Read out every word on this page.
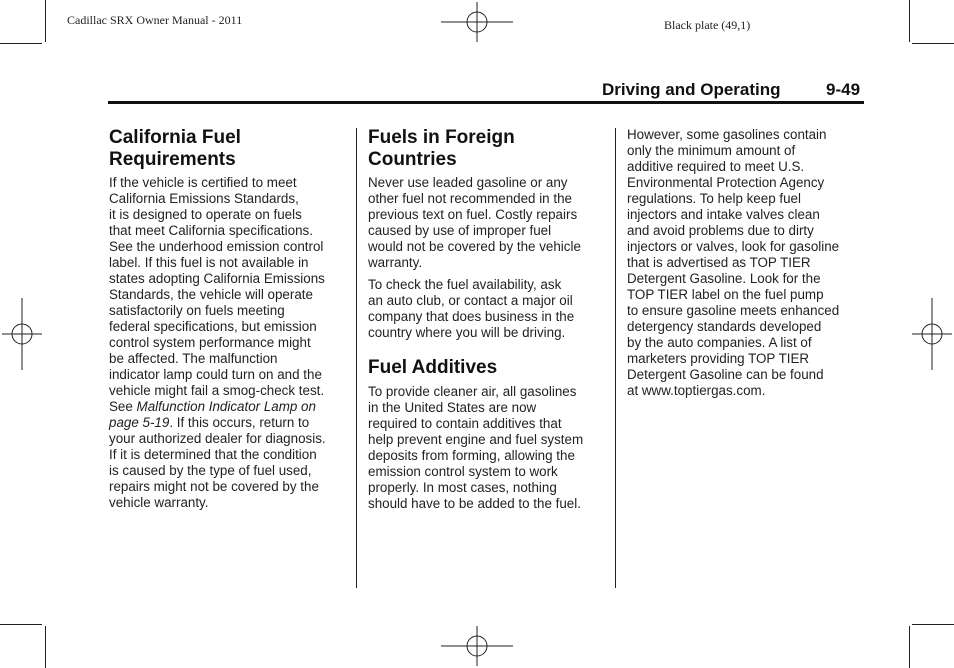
Cadillac SRX Owner Manual - 2011	Black plate (49,1)
Driving and Operating	9-49
California Fuel
Requirements

If the vehicle is certified to meet
California Emissions Standards,
it is designed to operate on fuels
that meet California specifications.
See the underhood emission control
label. If this fuel is not available in
states adopting California Emissions
Standards, the vehicle will operate
satisfactorily on fuels meeting
federal specifications, but emission
control system performance might
be affected. The malfunction
indicator lamp could turn on and the
vehicle might fail a smog-check test.
See Malfunction Indicator Lamp on
page 5-19. If this occurs, return to
your authorized dealer for diagnosis.
If it is determined that the condition
is caused by the type of fuel used,
repairs might not be covered by the
vehicle warranty.

Fuels in Foreign
Countries

Never use leaded gasoline or any
other fuel not recommended in the
previous text on fuel. Costly repairs
caused by use of improper fuel
would not be covered by the vehicle
warranty.

To check the fuel availability, ask
an auto club, or contact a major oil
company that does business in the
country where you will be driving.

Fuel Additives

To provide cleaner air, all gasolines
in the United States are now
required to contain additives that
help prevent engine and fuel system
deposits from forming, allowing the
emission control system to work
properly. In most cases, nothing
should have to be added to the fuel.

However, some gasolines contain
only the minimum amount of
additive required to meet U.S.
Environmental Protection Agency
regulations. To help keep fuel
injectors and intake valves clean
and avoid problems due to dirty
injectors or valves, look for gasoline
that is advertised as TOP TIER
Detergent Gasoline. Look for the
TOP TIER label on the fuel pump
to ensure gasoline meets enhanced
detergency standards developed
by the auto companies. A list of
marketers providing TOP TIER
Detergent Gasoline can be found
at www.toptiergas.com.
